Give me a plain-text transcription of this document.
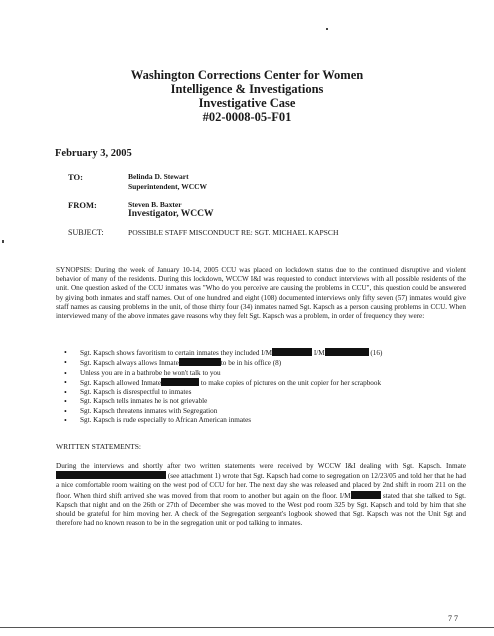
Washington Corrections Center for Women
Intelligence & Investigations
Investigative Case
#02-0008-05-F01
February 3, 2005
TO:	Belinda D. Stewart
Superintendent, WCCW
FROM:	Steven B. Baxter
Investigator, WCCW
SUBJECT:	POSSIBLE STAFF MISCONDUCT RE: SGT. MICHAEL KAPSCH
SYNOPSIS: During the week of January 10-14, 2005 CCU was placed on lockdown status due to the continued disruptive and violent behavior of many of the residents. During this lockdown, WCCW I&I was requested to conduct interviews with all possible residents of the unit. One question asked of the CCU inmates was "Who do you perceive are causing the problems in CCU", this question could be answered by giving both inmates and staff names. Out of one hundred and eight (108) documented interviews only fifty seven (57) inmates would give staff names as causing problems in the unit, of those thirty four (34) inmates named Sgt. Kapsch as a person causing problems in CCU. When interviewed many of the above inmates gave reasons why they felt Sgt. Kapsch was a problem, in order of frequency they were:
• Sgt. Kapsch shows favoritism to certain inmates they included I/M	I/M	(16)
• Sgt. Kapsch always allows Inmate	to be in his office (8)
• Unless you are in a bathrobe he won't talk to you
• Sgt. Kapsch allowed Inmate	to make copies of pictures on the unit copier for her scrapbook
• Sgt. Kapsch is disrespectful to inmates
• Sgt. Kapsch tells inmates he is not grievable
• Sgt. Kapsch threatens inmates with Segregation
• Sgt. Kapsch is rude especially to African American inmates
WRITTEN STATEMENTS:
During the interviews and shortly after two written statements were received by WCCW I&I dealing with Sgt. Kapsch. Inmate (see attachment 1) wrote that Sgt. Kapsch had come to segregation on 12/23/05 and told her that he had a nice comfortable room waiting on the west pod of CCU for her. The next day she was released and placed by 2nd shift in room 211 on the floor. When third shift arrived she was moved from that room to another but again on the floor. I/M	stated that she talked to Sgt. Kapsch that night and on the 26th or 27th of December she was moved to the West pod room 325 by Sgt. Kapsch and told by him that she should be grateful for him moving her. A check of the Segregation sergeant's logbook showed that Sgt. Kapsch was not the Unit Sgt and therefore had no known reason to be in the segregation unit or pod talking to inmates.
77
